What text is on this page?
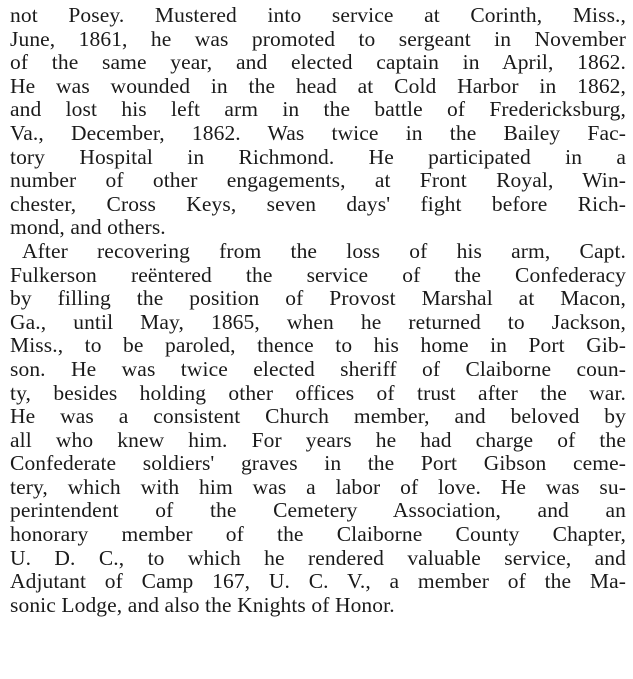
not Posey. Mustered into service at Corinth, Miss.,
June, 1861, he was promoted to sergeant in November
of the same year, and elected captain in April, 1862.
He was wounded in the head at Cold Harbor in 1862,
and lost his left arm in the battle of Fredericksburg,
Va., December, 1862. Was twice in the Bailey Fac-
tory Hospital in Richmond. He participated in a
number of other engagements, at Front Royal, Win-
chester, Cross Keys, seven days' fight before Rich-
mond, and others.
After recovering from the loss of his arm, Capt.
Fulkerson reëntered the service of the Confederacy
by filling the position of Provost Marshal at Macon,
Ga., until May, 1865, when he returned to Jackson,
Miss., to be paroled, thence to his home in Port Gib-
son. He was twice elected sheriff of Claiborne coun-
ty, besides holding other offices of trust after the war.
He was a consistent Church member, and beloved by
all who knew him. For years he had charge of the
Confederate soldiers' graves in the Port Gibson ceme-
tery, which with him was a labor of love. He was su-
perintendent of the Cemetery Association, and an
honorary member of the Claiborne County Chapter,
U. D. C., to which he rendered valuable service, and
Adjutant of Camp 167, U. C. V., a member of the Ma-
sonic Lodge, and also the Knights of Honor.
